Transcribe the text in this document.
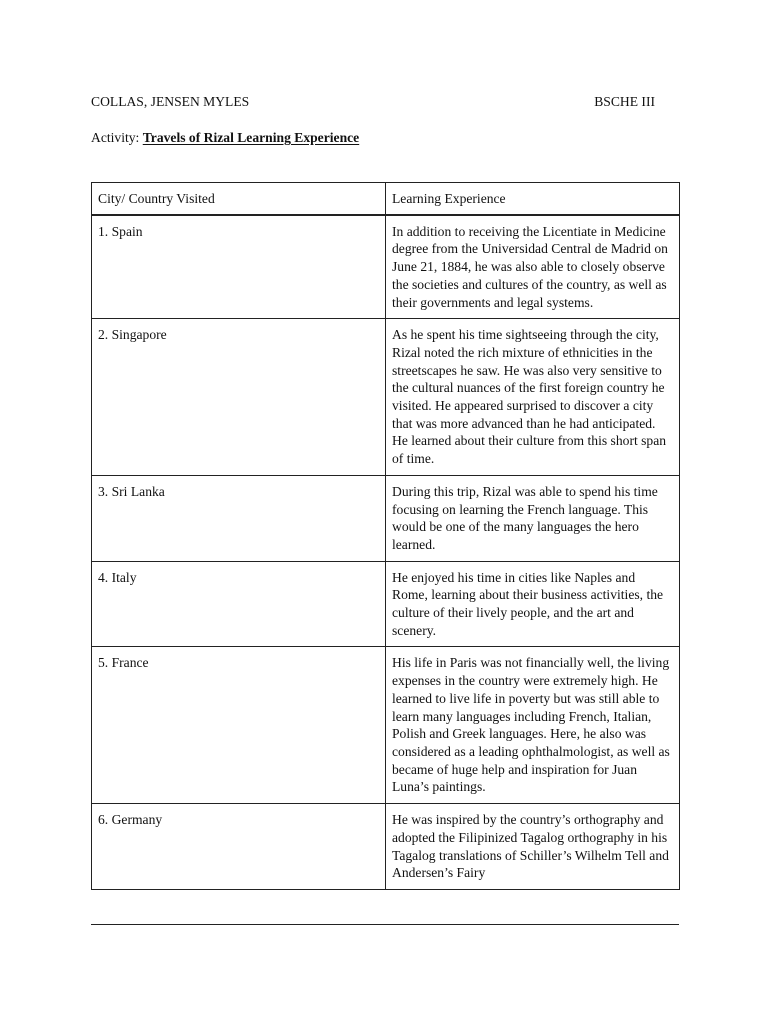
COLLAS, JENSEN MYLES	BSCHE III
Activity: Travels of Rizal Learning Experience
City/ Country Visited	Learning Experience
1. Spain	In addition to receiving the Licentiate in Medicine degree from the Universidad Central de Madrid on June 21, 1884, he was also able to closely observe the societies and cultures of the country, as well as their governments and legal systems.
2. Singapore	As he spent his time sightseeing through the city, Rizal noted the rich mixture of ethnicities in the streetscapes he saw. He was also very sensitive to the cultural nuances of the first foreign country he visited. He appeared surprised to discover a city that was more advanced than he had anticipated. He learned about their culture from this short span of time.
3. Sri Lanka	During this trip, Rizal was able to spend his time focusing on learning the French language. This would be one of the many languages the hero learned.
4. Italy	He enjoyed his time in cities like Naples and Rome, learning about their business activities, the culture of their lively people, and the art and scenery.
5. France	His life in Paris was not financially well, the living expenses in the country were extremely high. He learned to live life in poverty but was still able to learn many languages including French, Italian, Polish and Greek languages. Here, he also was considered as a leading ophthalmologist, as well as became of huge help and inspiration for Juan Luna’s paintings.
6. Germany	He was inspired by the country’s orthography and adopted the Filipinized Tagalog orthography in his Tagalog translations of Schiller’s Wilhelm Tell and Andersen’s Fairy
